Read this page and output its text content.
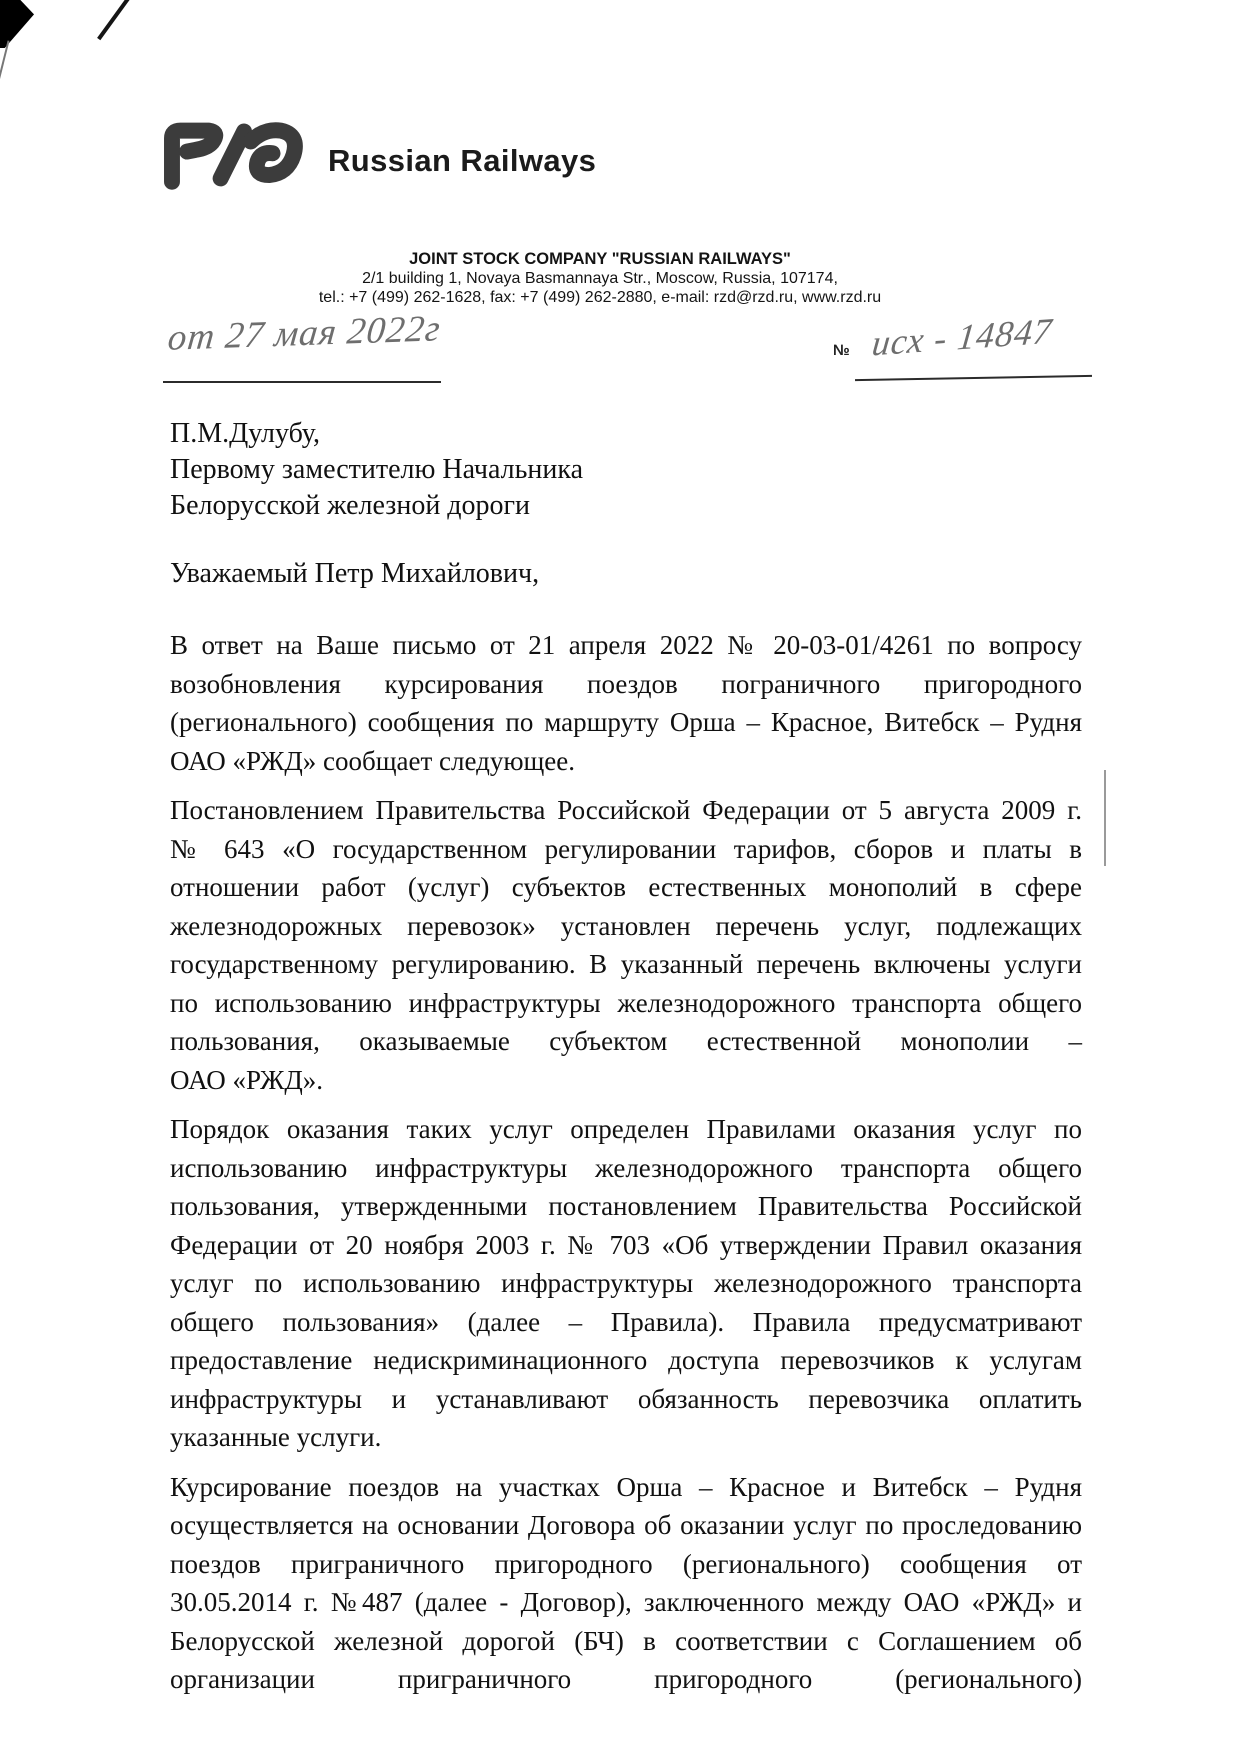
Russian Railways
JOINT STOCK COMPANY "RUSSIAN RAILWAYS"
2/1 building 1, Novaya Basmannaya Str., Moscow, Russia, 107174,
tel.: +7 (499) 262-1628, fax: +7 (499) 262-2880, e-mail: rzd@rzd.ru, www.rzd.ru
от 27 мая 2022г	№ исх - 14847
П.М.Дулубу,
Первому заместителю Начальника
Белорусской железной дороги
Уважаемый Петр Михайлович,
В ответ на Ваше письмо от 21 апреля 2022 № 20-03-01/4261 по вопросу
возобновления курсирования поездов пограничного пригородного
(регионального) сообщения по маршруту Орша – Красное, Витебск – Рудня
ОАО «РЖД» сообщает следующее.
Постановлением Правительства Российской Федерации от 5 августа 2009 г.
№ 643 «О государственном регулировании тарифов, сборов и платы в
отношении работ (услуг) субъектов естественных монополий в сфере
железнодорожных перевозок» установлен перечень услуг, подлежащих
государственному регулированию. В указанный перечень включены услуги
по использованию инфраструктуры железнодорожного транспорта общего
пользования, оказываемые субъектом естественной монополии –
ОАО «РЖД».
Порядок оказания таких услуг определен Правилами оказания услуг по
использованию инфраструктуры железнодорожного транспорта общего
пользования, утвержденными постановлением Правительства Российской
Федерации от 20 ноября 2003 г. № 703 «Об утверждении Правил оказания
услуг по использованию инфраструктуры железнодорожного транспорта
общего пользования» (далее – Правила). Правила предусматривают
предоставление недискриминационного доступа перевозчиков к услугам
инфраструктуры и устанавливают обязанность перевозчика оплатить
указанные услуги.
Курсирование поездов на участках Орша – Красное и Витебск – Рудня
осуществляется на основании Договора об оказании услуг по проследованию
поездов приграничного пригородного (регионального) сообщения от
30.05.2014 г. №487 (далее - Договор), заключенного между ОАО «РЖД» и
Белорусской железной дорогой (БЧ) в соответствии с Соглашением об
организации приграничного пригородного (регионального)
